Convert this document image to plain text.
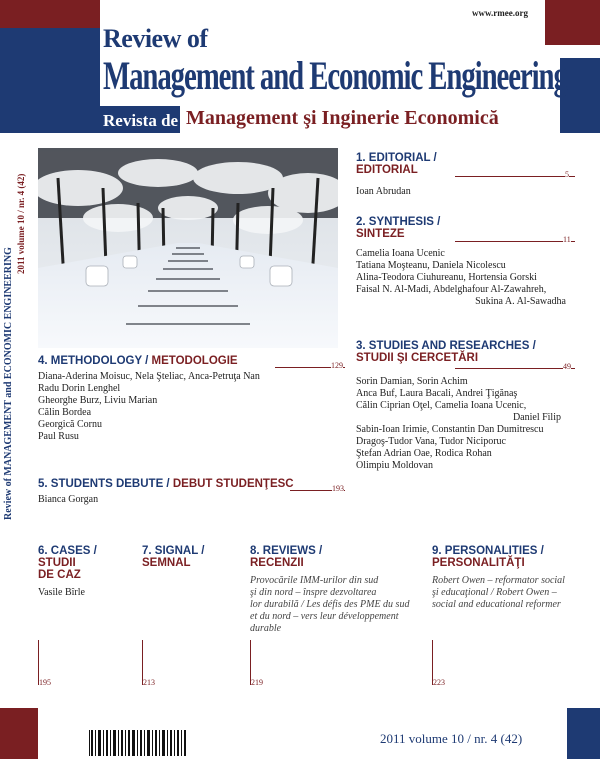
www.rmee.org
Review of
Management and Economic Engineering
Revista de Management şi Inginerie Economică
Review of MANAGEMENT and ECONOMIC ENGINEERING
2011 volume 10 / nr. 4 (42)
1. EDITORIAL /
EDITORIAL
Ioan Abrudan
5
2. SYNTHESIS /
SINTEZE
Camelia Ioana Ucenic
Tatiana Moşteanu, Daniela Nicolescu
Alina-Teodora Ciuhureanu, Hortensia Gorski
Faisal N. Al-Madi, Abdelghafour Al-Zawahreh,
Sukina A. Al-Sawadha
11
3. STUDIES AND RESEARCHES /
STUDII ŞI CERCETĂRI
Sorin Damian, Sorin Achim
Anca Buf, Laura Bacali, Andrei Ţigănaş
Călin Ciprian Oţel, Camelia Ioana Ucenic,
Daniel Filip
Sabin-Ioan Irimie, Constantin Dan Dumitrescu
Dragoş-Tudor Vana, Tudor Niciporuc
Ştefan Adrian Oae, Rodica Rohan
Olimpiu Moldovan
49
4. METHODOLOGY / METODOLOGIE
Diana-Aderina Moisuc, Nela Şteliac, Anca-Petruţa Nan
Radu Dorin Lenghel
Gheorghe Burz, Liviu Marian
Călin Bordea
Georgică Cornu
Paul Rusu
129
5. STUDENTS DEBUTE / DEBUT STUDENŢESC
Bianca Gorgan
193
6. CASES /
STUDII
DE CAZ
Vasile Bîrle
195
7. SIGNAL /
SEMNAL
213
8. REVIEWS /
RECENZII
Provocările IMM-urilor din sud
şi din nord – înspre dezvoltarea
lor durabilă / Les défis des PME du sud
et du nord – vers leur développement
durable
219
9. PERSONALITIES /
PERSONALITĂŢI
Robert Owen – reformator social
şi educaţional / Robert Owen –
social and educational reformer
223
2011 volume 10 / nr. 4 (42)
